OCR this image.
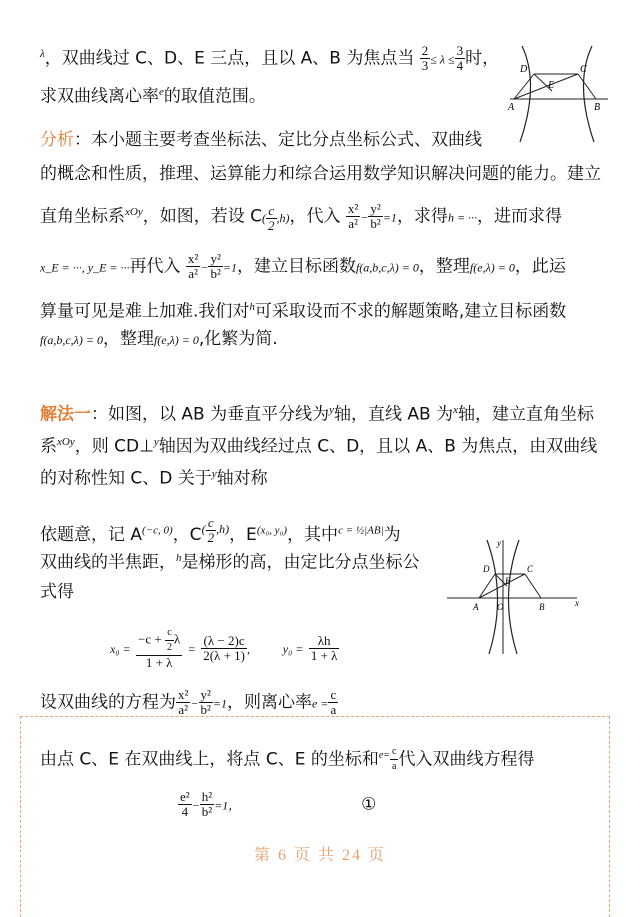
$^\lambda$，双曲线过 C、D、E 三点，且以 A、B 为焦点当 $\frac{2}{3} \le \lambda \le \frac{3}{4}$ 时，
求双曲线离心率$^e$的取值范围。
D	C
E
A	B
分析：本小题主要考查坐标法、定比分点坐标公式、双曲线
的概念和性质，推理、运算能力和综合运用数学知识解决问题的能力。建立
直角坐标系$^{xOy}$，如图，若设 $C( \frac{c}{2} ,h)$，代入 $\frac{\text{x²}}{\text{a²}} - \frac{\text{y²}}{\text{b²}} =1$，求得h = ···，进而求得
x_E = ···, y_E = ···再代入 $\frac{\text{x²}}{\text{a²}} - \frac{\text{y²}}{\text{b²}} =1$，建立目标函数f(a,b,c,λ) = 0，整理f(e,λ) = 0，此运
算量可见是难上加难.我们对$^h$可采取设而不求的解题策略,建立目标函数
f(a,b,c,λ) = 0，整理f(e,λ) = 0,化繁为简.
解法一：如图，以 AB 为垂直平分线为$^y$轴，直线 AB 为$^x$轴，建立直角坐标
系$^{xOy}$，则 CD⊥$^y$轴因为双曲线经过点 C、D，且以 A、B 为焦点，由双曲线
的对称性知 C、D 关于$^y$轴对称
依题意，记 $A^{(-c, 0)}$，$C^{( \frac{c}{2} ,h)}$，$E^{(x_0, y_0)}$，其中$^{c = \frac{1}{2}|AB|}$为
双曲线的半焦距，$^h$是梯形的高，由定比分点坐标公
式得
x
y
D	C
E
A O	B
$x_0 = \frac{-c + \frac{c}{2} \lambda}{1 + \lambda} = \frac{(\lambda - 2)c}{2(\lambda + 1)}$ ,	$y_0 = \frac{\lambda h}{1 + \lambda}$
设双曲线的方程为 $\frac{\text{x²}}{\text{a²}} - \frac{\text{y²}}{\text{b²}} =1$，则离心率$e = \frac{c}{a}$
由点 C、E 在双曲线上，将点 C、E 的坐标和$^{e=} \frac{c}{a}$ 代入双曲线方程得
$\frac{\text{e²}}{4} - \frac{\text{h²}}{\text{b²}} =1$，	①
第 6 页 共 24 页
